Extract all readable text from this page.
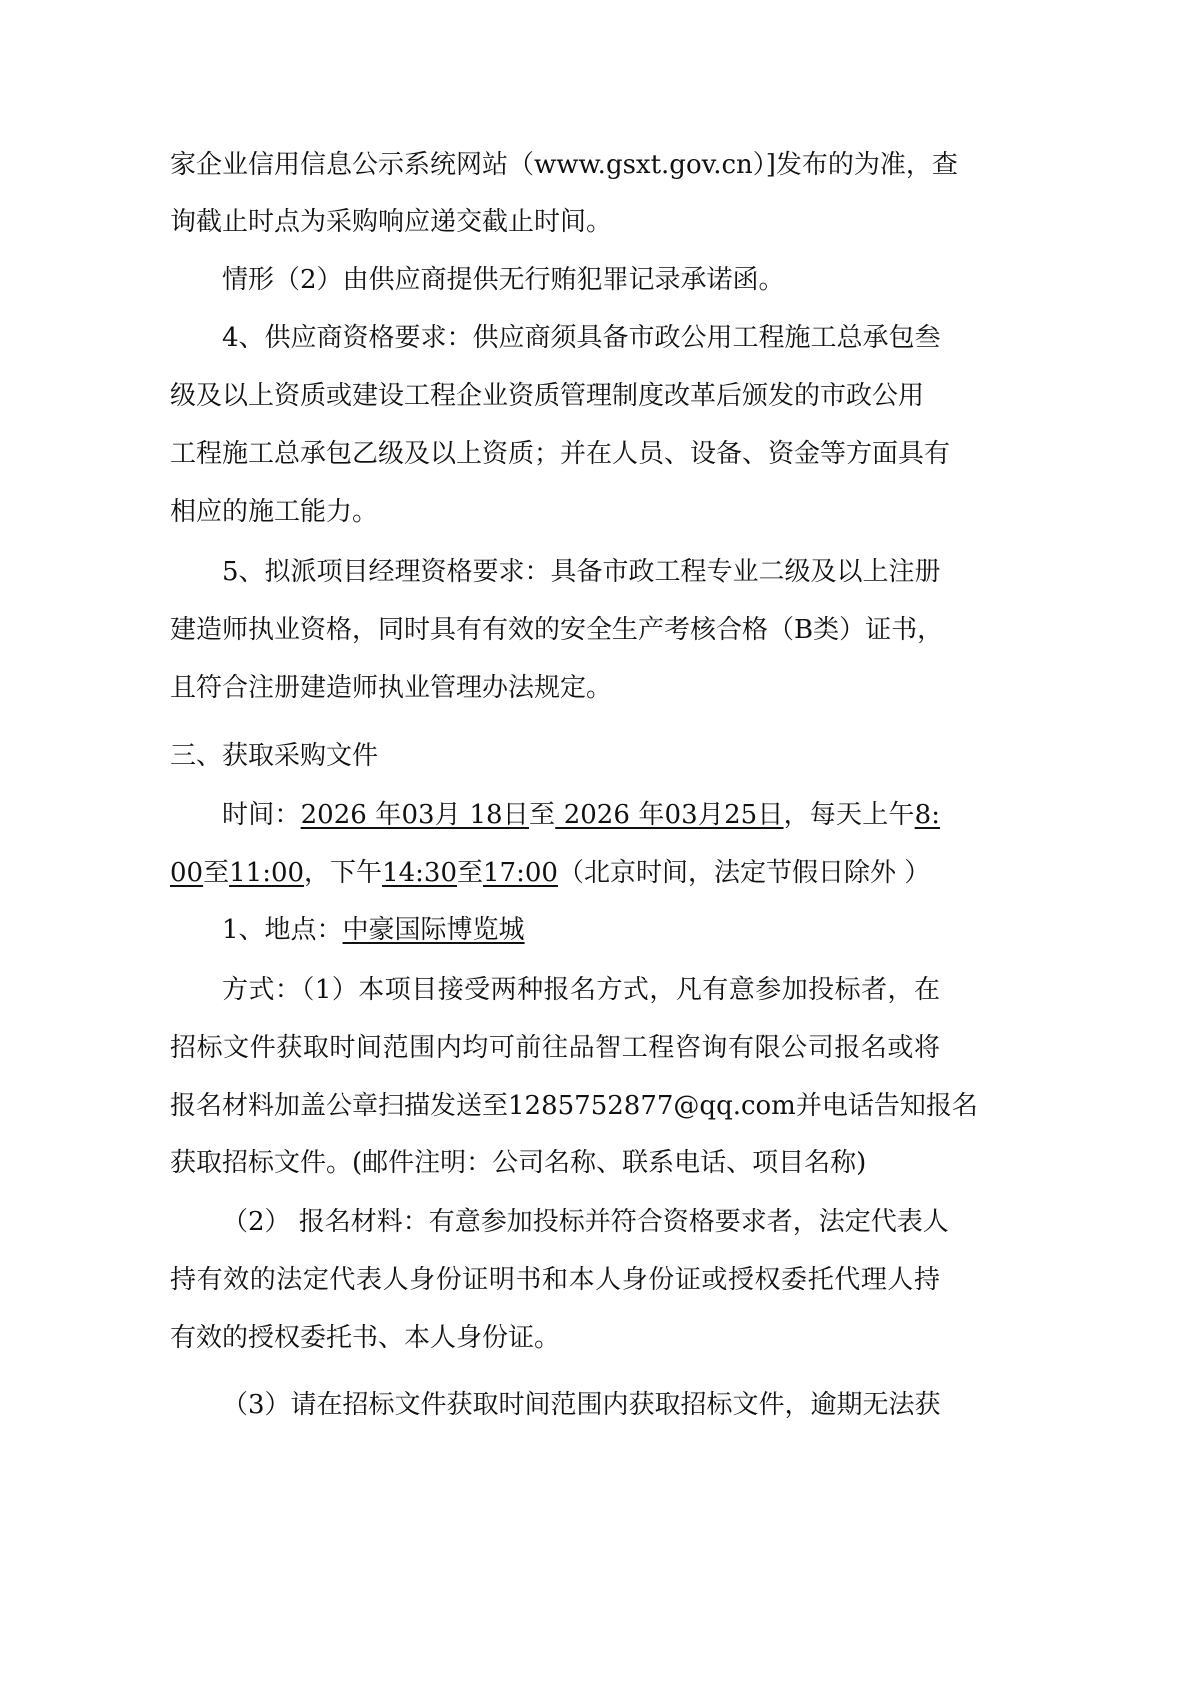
家企业信用信息公示系统网站（www.gsxt.gov.cn）]发布的为准，查
询截止时点为采购响应递交截止时间。
情形（2）由供应商提供无行贿犯罪记录承诺函。
4、供应商资格要求：供应商须具备市政公用工程施工总承包叁
级及以上资质或建设工程企业资质管理制度改革后颁发的市政公用
工程施工总承包乙级及以上资质；并在人员、设备、资金等方面具有
相应的施工能力。
5、拟派项目经理资格要求：具备市政工程专业二级及以上注册
建造师执业资格，同时具有有效的安全生产考核合格（B类）证书，
且符合注册建造师执业管理办法规定。
三、获取采购文件
时间：2026 年03月 18日至 2026 年03月25日，每天上午8:
00至11:00，下午14:30至17:00（北京时间，法定节假日除外 ）
1、地点：中豪国际博览城
方式：（1）本项目接受两种报名方式，凡有意参加投标者，在
招标文件获取时间范围内均可前往品智工程咨询有限公司报名或将
报名材料加盖公章扫描发送至1285752877@qq.com并电话告知报名
获取招标文件。(邮件注明：公司名称、联系电话、项目名称)
（2） 报名材料：有意参加投标并符合资格要求者，法定代表人
持有效的法定代表人身份证明书和本人身份证或授权委托代理人持
有效的授权委托书、本人身份证。
（3）请在招标文件获取时间范围内获取招标文件，逾期无法获
